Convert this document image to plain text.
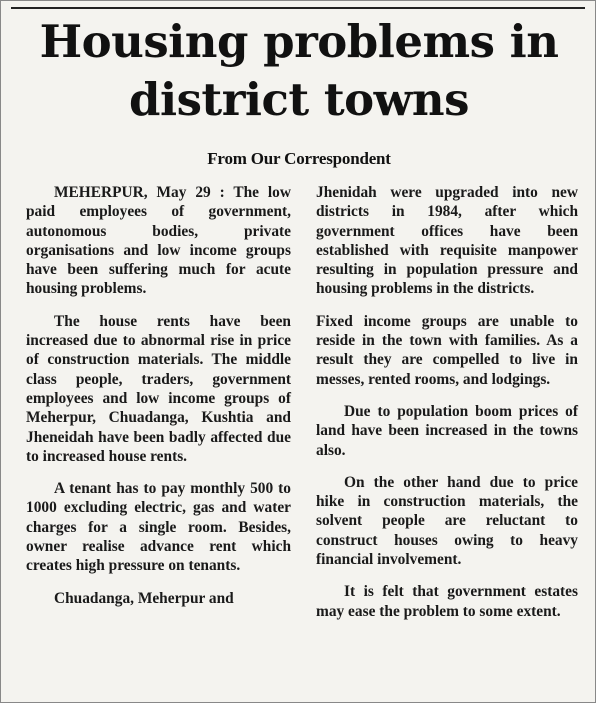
Housing problems in
district towns
From Our Correspondent

MEHERPUR, May 29 : The low paid employees of government, autonomous bodies, private organisations and low income groups have been suffering much for acute housing problems.

The house rents have been increased due to abnormal rise in price of construction materials. The middle class people, traders, government employees and low income groups of Meherpur, Chuadanga, Kushtia and Jheneidah have been badly affected due to increased house rents.

A tenant has to pay monthly 500 to 1000 excluding electric, gas and water charges for a single room. Besides, owner realise advance rent which creates high pressure on tenants.

Chuadanga, Meherpur and

Jhenidah were upgraded into new districts in 1984, after which government offices have been established with requisite manpower resulting in population pressure and housing problems in the districts.

Fixed income groups are unable to reside in the town with families. As a result they are compelled to live in messes, rented rooms, and lodgings.

Due to population boom prices of land have been increased in the towns also.

On the other hand due to price hike in construction materials, the solvent people are reluctant to construct houses owing to heavy financial involvement.

It is felt that government estates may ease the problem to some extent.
